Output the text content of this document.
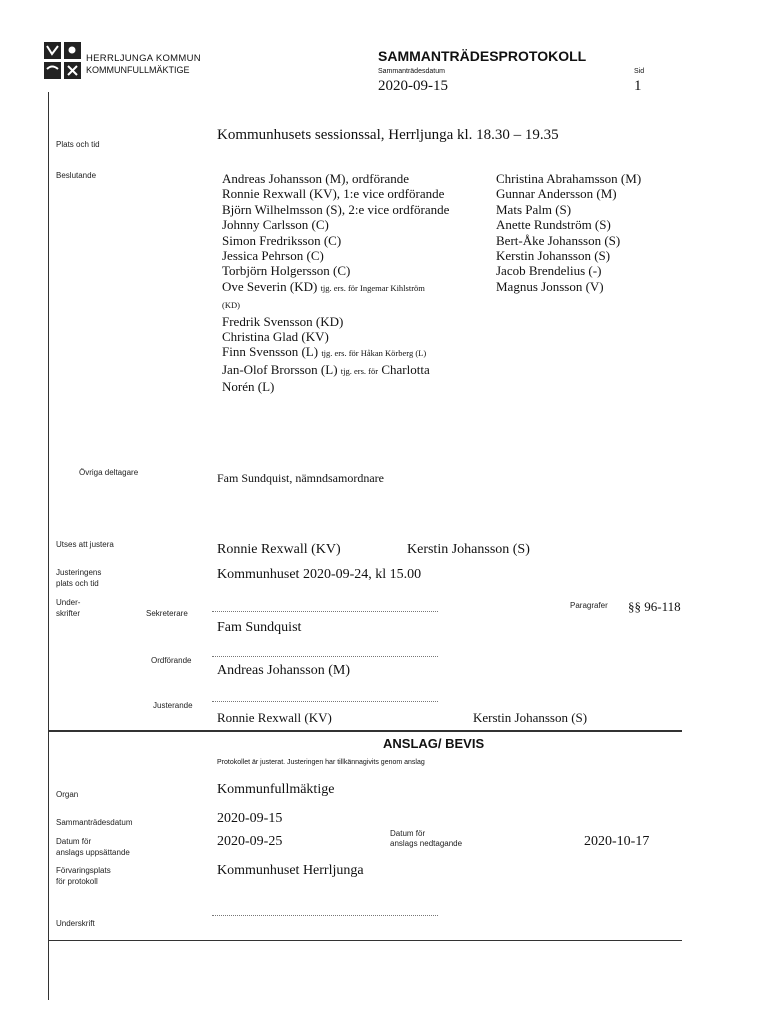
HERRLJUNGA KOMMUN
KOMMUNFULLMÄKTIGE
SAMMANTRÄDESPROTOKOLL
Sammanträdesdatum
2020-09-15
Sid
1
Plats och tid
Kommunhusets sessionssal, Herrljunga kl. 18.30 – 19.35
Beslutande	Andreas Johansson (M), ordförande
Ronnie Rexwall (KV), 1:e vice ordförande
Björn Wilhelmsson (S), 2:e vice ordförande
Johnny Carlsson (C)
Simon Fredriksson (C)
Jessica Pehrson (C)
Torbjörn Holgersson (C)
Ove Severin (KD) tjg. ers. för Ingemar Kihlström
(KD)
Fredrik Svensson (KD)
Christina Glad (KV)
Finn Svensson (L) tjg. ers. för Håkan Körberg (L)
Jan-Olof Brorsson (L) tjg. ers. för Charlotta
Norén (L)
Christina Abrahamsson (M)
Gunnar Andersson (M)
Mats Palm (S)
Anette Rundström (S)
Bert-Åke Johansson (S)
Kerstin Johansson (S)
Jacob Brendelius (-)
Magnus Jonsson (V)
Övriga deltagare	Fam Sundquist, nämndsamordnare
Utses att justera	Ronnie Rexwall (KV)	Kerstin Johansson (S)
Justeringens
plats och tid
Kommunhuset 2020-09-24, kl 15.00
Under-
skrifter	Sekreterare
Fam Sundquist
Paragrafer §§ 96-118
Ordförande
Andreas Johansson (M)
Justerande
Ronnie Rexwall (KV)	Kerstin Johansson (S)
ANSLAG/ BEVIS
Protokollet är justerat. Justeringen har tillkännagivits genom anslag
Organ	Kommunfullmäktige
Sammanträdesdatum	2020-09-15
Datum för
anslags uppsättande
2020-09-25
Datum för
anslags nedtagande	2020-10-17
Förvaringsplats
för protokoll
Kommunhuset Herrljunga
Underskrift
